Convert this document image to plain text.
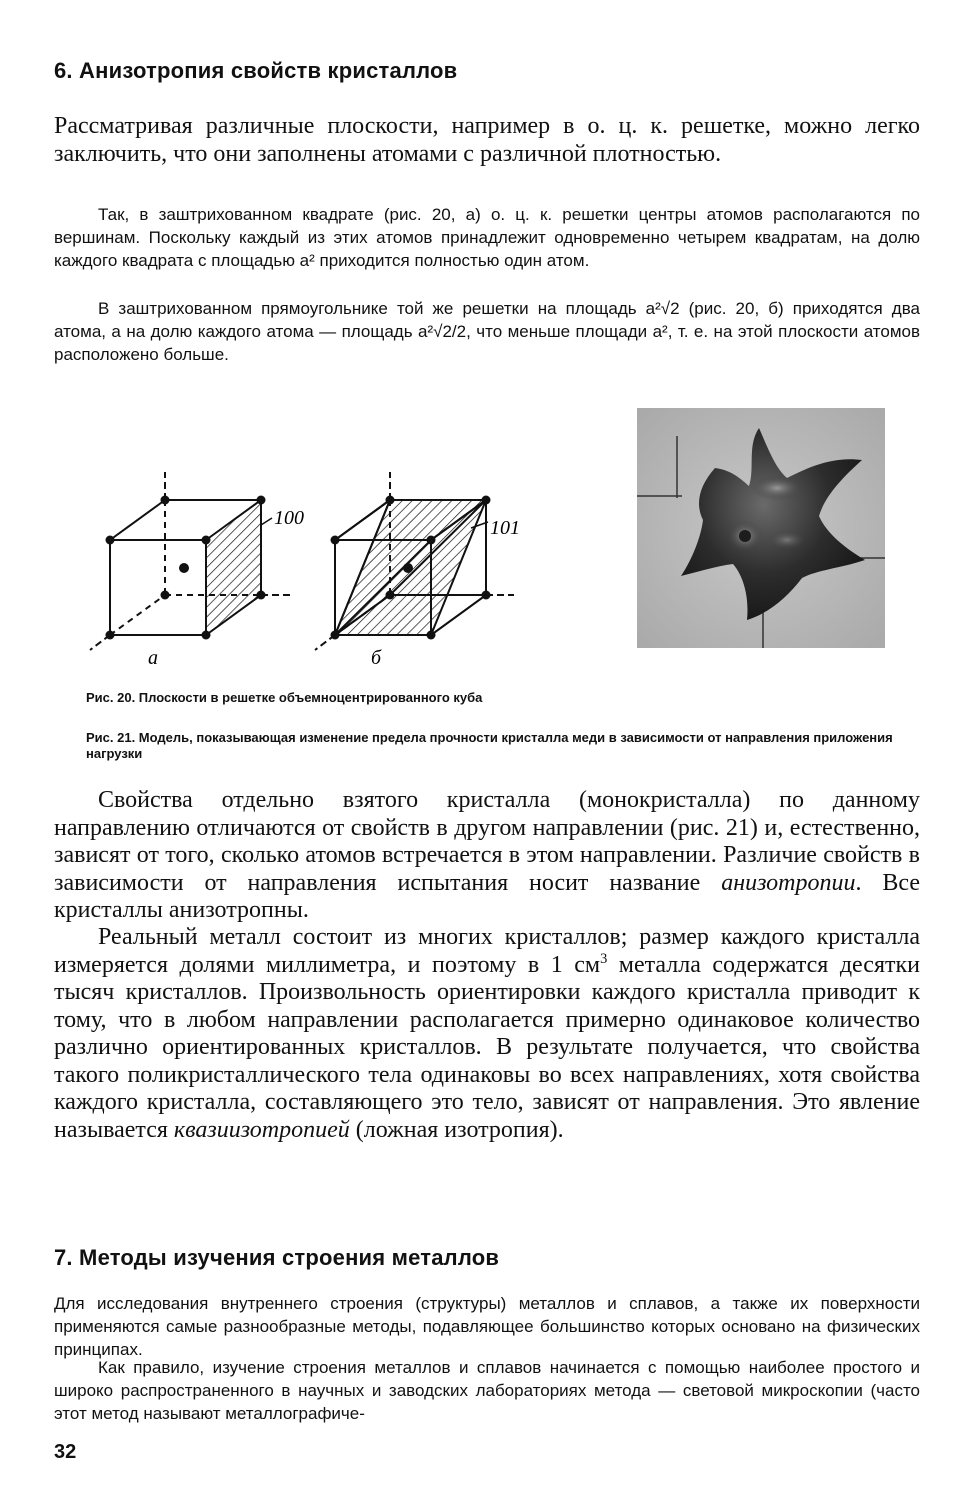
6. Анизотропия свойств кристаллов

Рассматривая различные плоскости, например в о. ц. к. решетке, можно легко заключить, что они заполнены атомами с различной плотностью.

Так, в заштрихованном квадрате (рис. 20, а) о. ц. к. решетки центры атомов располагаются по вершинам. Поскольку каждый из этих атомов принадлежит одновременно четырем квадратам, на долю каждого квадрата с площадью а² приходится полностью один атом.

В заштрихованном прямоугольнике той же решетки на площадь а²√2 (рис. 20, б) приходятся два атома, а на долю каждого атома — площадь а²√2/2, что меньше площади а², т. е. на этой плоскости атомов расположено больше.

100
а
101
б

Рис. 20. Плоскости в решетке объемноцентрированного куба

Рис. 21. Модель, показывающая изменение предела прочности кристалла меди в зависимости от направления приложения нагрузки

Свойства отдельно взятого кристалла (монокристалла) по данному направлению отличаются от свойств в другом направлении (рис. 21) и, естественно, зависят от того, сколько атомов встречается в этом направлении. Различие свойств в зависимости от направления испытания носит название анизотропии. Все кристаллы анизотропны.

Реальный металл состоит из многих кристаллов; размер каждого кристалла измеряется долями миллиметра, и поэтому в 1 $см^3$ металла содержатся десятки тысяч кристаллов. Произвольность ориентировки каждого кристалла приводит к тому, что в любом направлении располагается примерно одинаковое количество различно ориентированных кристаллов. В результате получается, что свойства такого поликристаллического тела одинаковы во всех направлениях, хотя свойства каждого кристалла, составляющего это тело, зависят от направления. Это явление называется квазиизотропией (ложная изотропия).

7. Методы изучения строения металлов

Для исследования внутреннего строения (структуры) металлов и сплавов, а также их поверхности применяются самые разнообразные методы, подавляющее большинство которых основано на физических принципах.

Как правило, изучение строения металлов и сплавов начинается с помощью наиболее простого и широко распространенного в научных и заводских лабораториях метода — световой микроскопии (часто этот метод называют металлографиче-

32
